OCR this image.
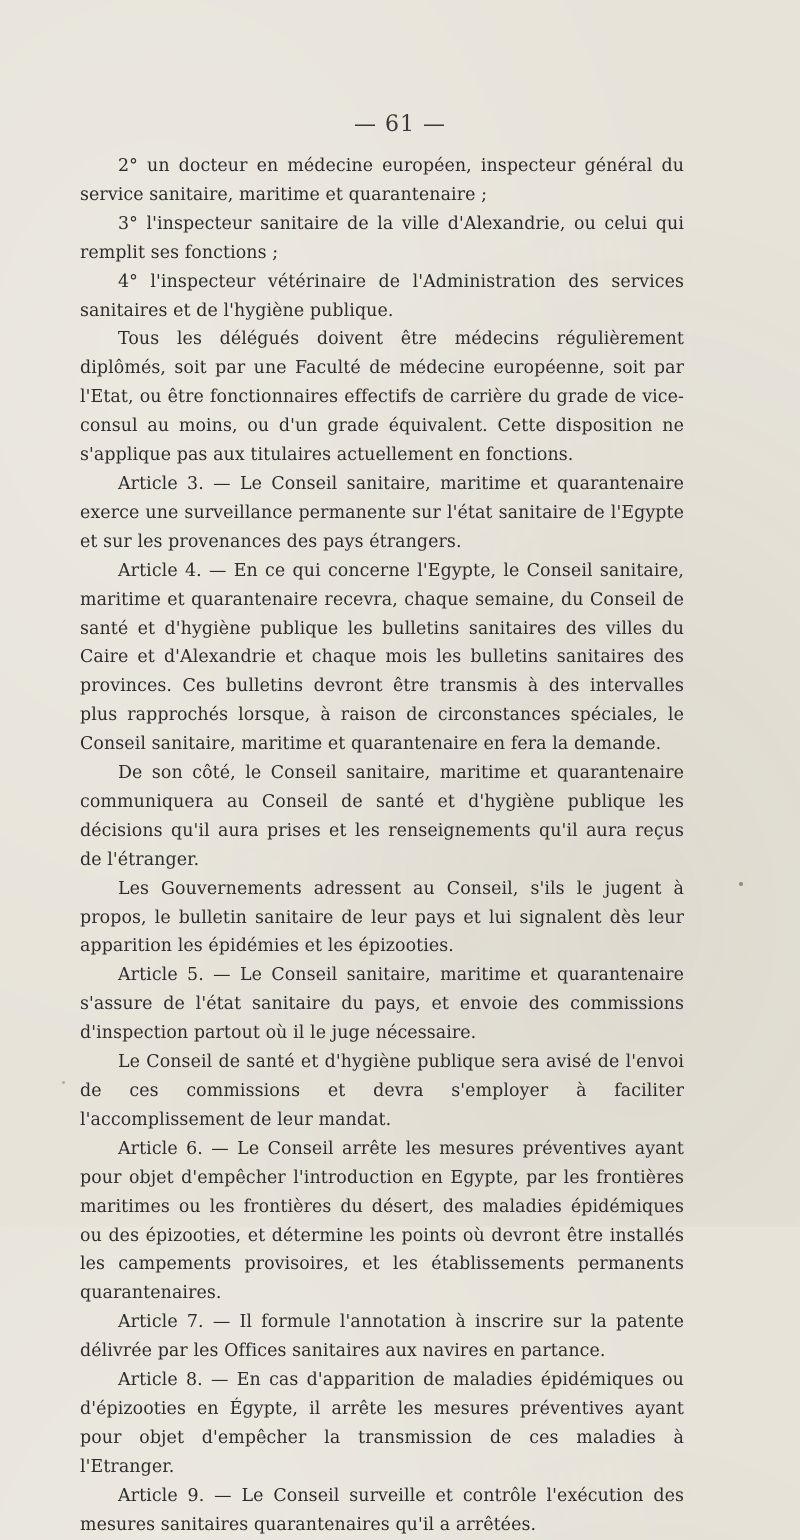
— 61 —

2° un docteur en médecine européen, inspecteur général du service sanitaire, maritime et quarantenaire ;

3° l'inspecteur sanitaire de la ville d'Alexandrie, ou celui qui remplit ses fonctions ;

4° l'inspecteur vétérinaire de l'Administration des services sanitaires et de l'hygiène publique.

Tous les délégués doivent être médecins régulièrement diplômés, soit par une Faculté de médecine européenne, soit par l'Etat, ou être fonctionnaires effectifs de carrière du grade de vice-consul au moins, ou d'un grade équivalent. Cette disposition ne s'applique pas aux titulaires actuellement en fonctions.

Article 3. — Le Conseil sanitaire, maritime et quarantenaire exerce une surveillance permanente sur l'état sanitaire de l'Egypte et sur les provenances des pays étrangers.

Article 4. — En ce qui concerne l'Egypte, le Conseil sanitaire, maritime et quarantenaire recevra, chaque semaine, du Conseil de santé et d'hygiène publique les bulletins sanitaires des villes du Caire et d'Alexandrie et chaque mois les bulletins sanitaires des provinces. Ces bulletins devront être transmis à des intervalles plus rapprochés lorsque, à raison de circonstances spéciales, le Conseil sanitaire, maritime et quarantenaire en fera la demande.

De son côté, le Conseil sanitaire, maritime et quarantenaire communiquera au Conseil de santé et d'hygiène publique les décisions qu'il aura prises et les renseignements qu'il aura reçus de l'étranger.

Les Gouvernements adressent au Conseil, s'ils le jugent à propos, le bulletin sanitaire de leur pays et lui signalent dès leur apparition les épidémies et les épizooties.

Article 5. — Le Conseil sanitaire, maritime et quarantenaire s'assure de l'état sanitaire du pays, et envoie des commissions d'inspection partout où il le juge nécessaire.

Le Conseil de santé et d'hygiène publique sera avisé de l'envoi de ces commissions et devra s'employer à faciliter l'accomplissement de leur mandat.

Article 6. — Le Conseil arrête les mesures préventives ayant pour objet d'empêcher l'introduction en Egypte, par les frontières maritimes ou les frontières du désert, des maladies épidémiques ou des épizooties, et détermine les points où devront être installés les campements provisoires, et les établissements permanents quarantenaires.

Article 7. — Il formule l'annotation à inscrire sur la patente délivrée par les Offices sanitaires aux navires en partance.

Article 8. — En cas d'apparition de maladies épidémiques ou d'épizooties en Égypte, il arrête les mesures préventives ayant pour objet d'empêcher la transmission de ces maladies à l'Etranger.

Article 9. — Le Conseil surveille et contrôle l'exécution des mesures sanitaires quarantenaires qu'il a arrêtées.
